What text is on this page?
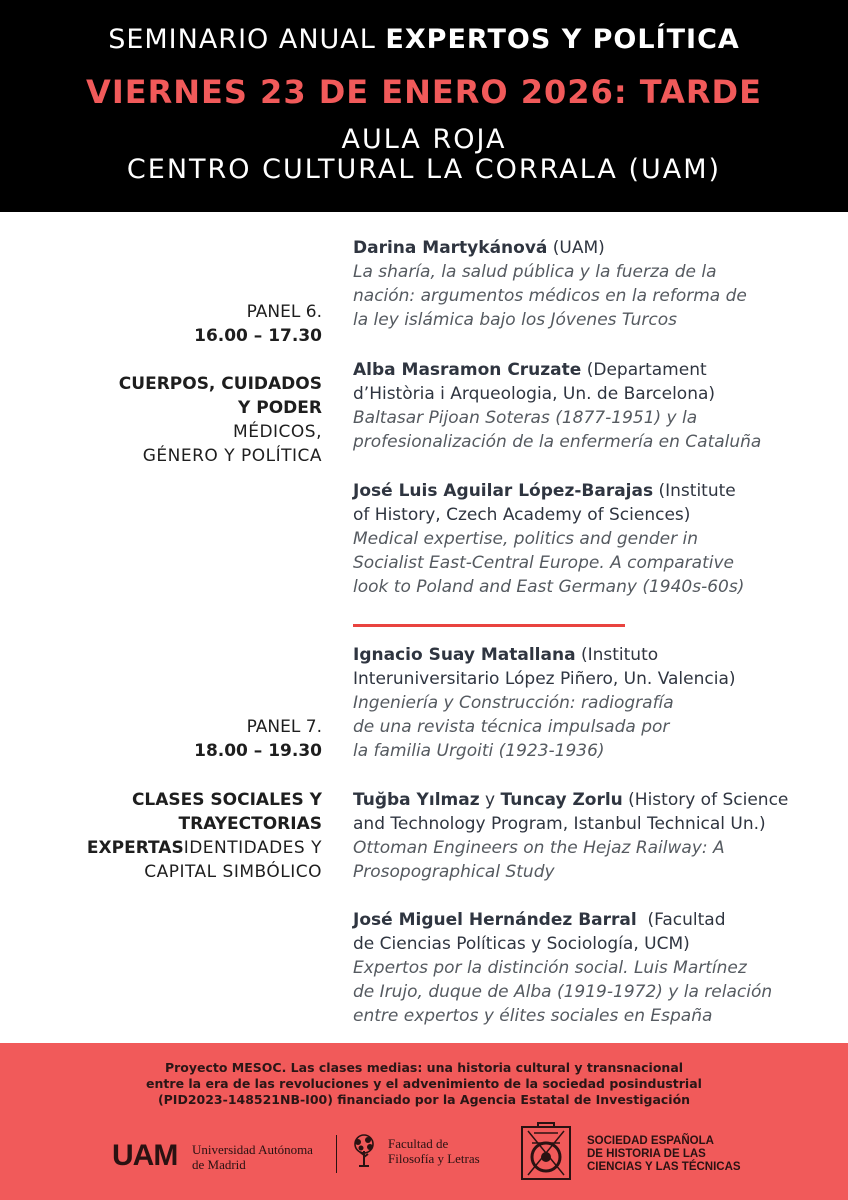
SEMINARIO ANUAL EXPERTOS Y POLÍTICA
VIERNES 23 DE ENERO 2026: TARDE
AULA ROJA
CENTRO CULTURAL LA CORRALA (UAM)
PANEL 6.
16.00 – 17.30
CUERPOS, CUIDADOS
Y PODER
MÉDICOS,
GÉNERO Y POLÍTICA
Darina Martykánová (UAM)
La sharía, la salud pública y la fuerza de la
nación: argumentos médicos en la reforma de
la ley islámica bajo los Jóvenes Turcos
Alba Masramon Cruzate (Departament
d’Història i Arqueologia, Un. de Barcelona)
Baltasar Pijoan Soteras (1877-1951) y la
profesionalización de la enfermería en Cataluña
José Luis Aguilar López-Barajas (Institute
of History, Czech Academy of Sciences)
Medical expertise, politics and gender in
Socialist East-Central Europe. A comparative
look to Poland and East Germany (1940s-60s)
PANEL 7.
18.00 – 19.30
CLASES SOCIALES Y
TRAYECTORIAS
EXPERTASIDENTIDADES Y
CAPITAL SIMBÓLICO
Ignacio Suay Matallana (Instituto
Interuniversitario López Piñero, Un. Valencia)
Ingeniería y Construcción: radiografía
de una revista técnica impulsada por
la familia Urgoiti (1923-1936)
Tuğba Yılmaz y Tuncay Zorlu (History of Science
and Technology Program, Istanbul Technical Un.)
Ottoman Engineers on the Hejaz Railway: A
Prosopographical Study
José Miguel Hernández Barral  (Facultad
de Ciencias Políticas y Sociología, UCM)
Expertos por la distinción social. Luis Martínez
de Irujo, duque de Alba (1919-1972) y la relación
entre expertos y élites sociales en España
Proyecto MESOC. Las clases medias: una historia cultural y transnacional
entre la era de las revoluciones y el advenimiento de la sociedad posindustrial
(PID2023-148521NB-I00) financiado por la Agencia Estatal de Investigación
UAM Universidad Autónoma
de Madrid
Facultad de
Filosofía y Letras
SOCIEDAD ESPAÑOLA
DE HISTORIA DE LAS
CIENCIAS Y LAS TÉCNICAS
